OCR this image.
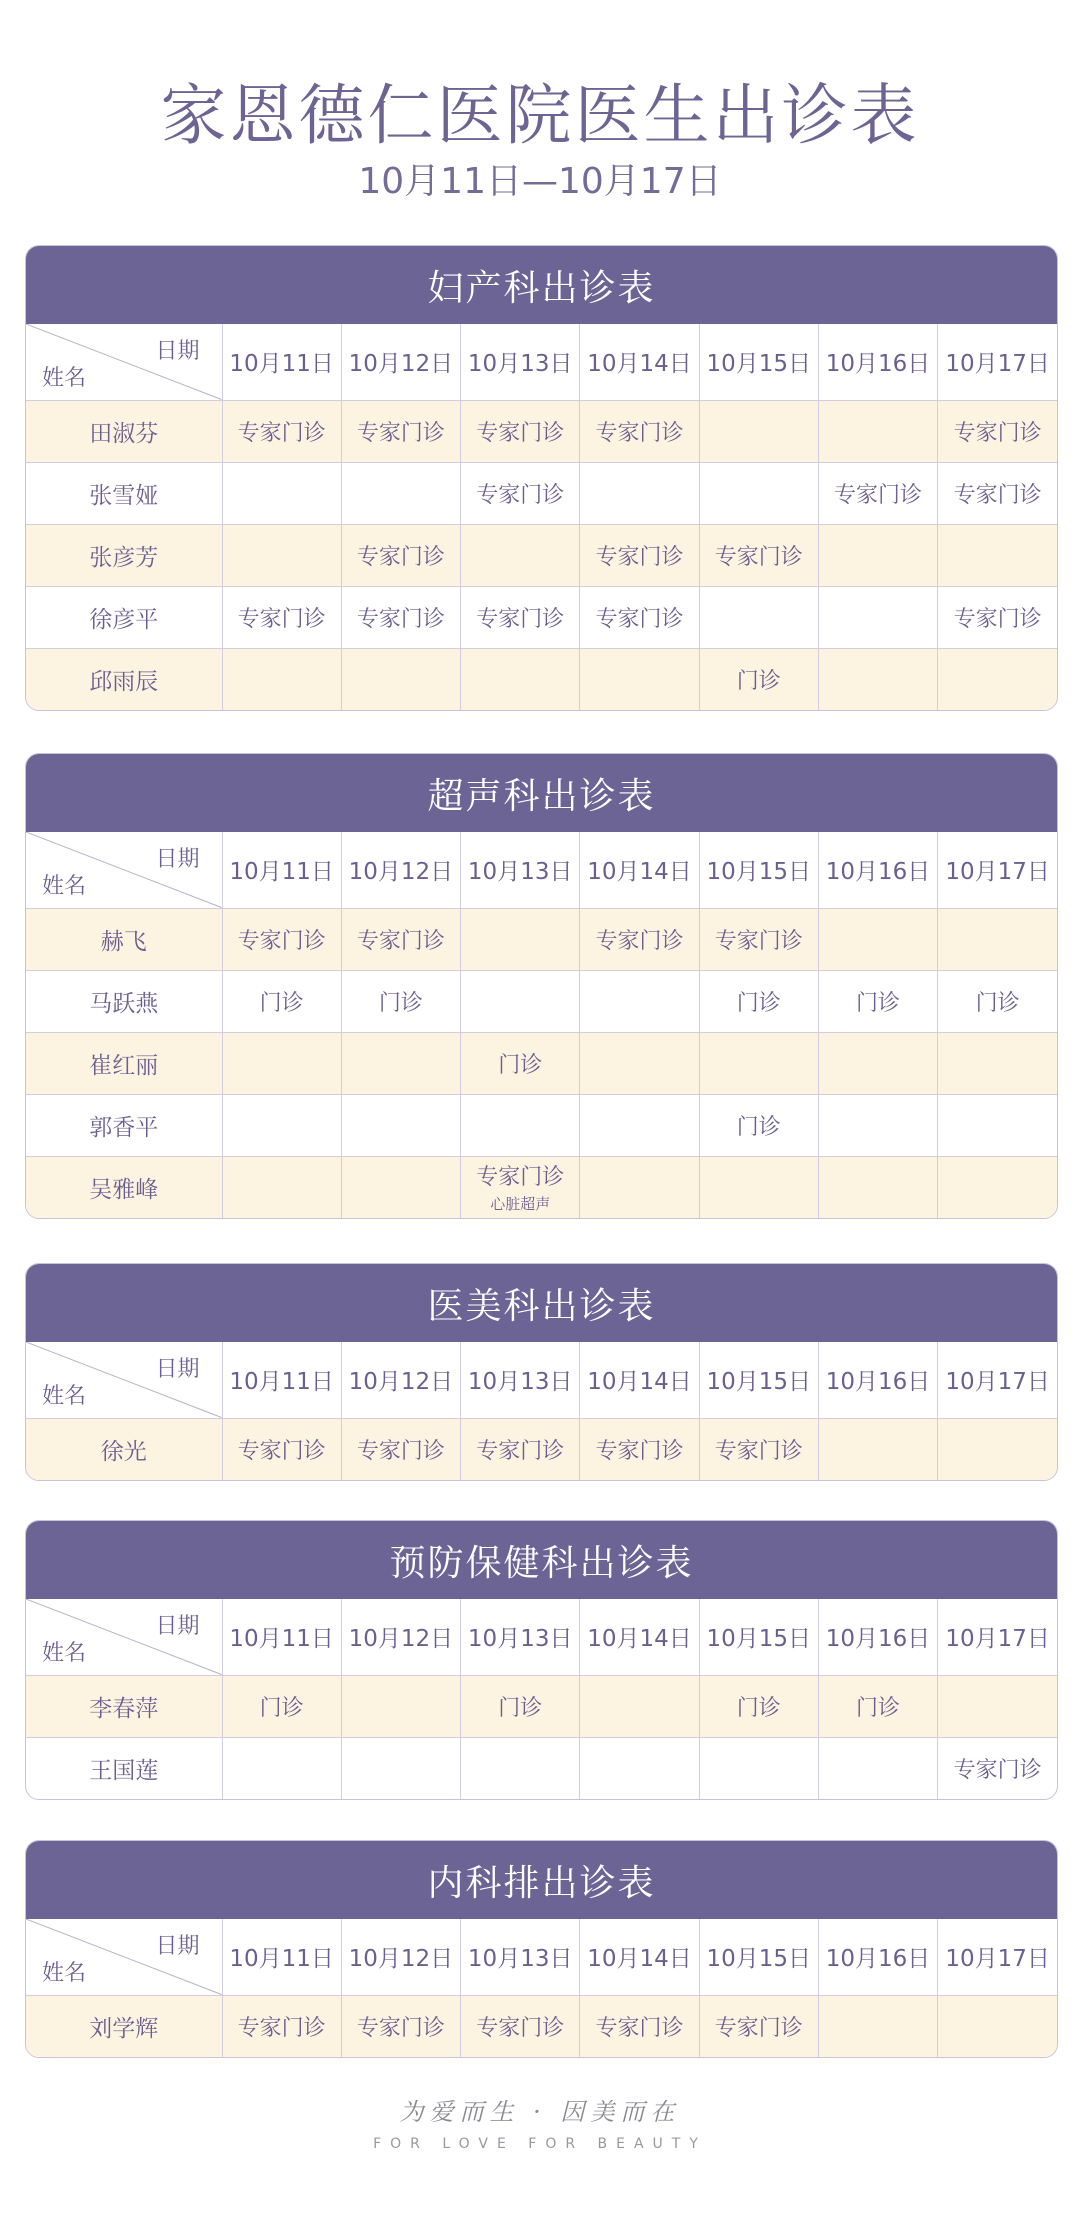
家恩德仁医院医生出诊表
10月11日—10月17日
妇产科出诊表
日期
姓名	10月11日	10月12日	10月13日	10月14日	10月15日	10月16日	10月17日
田淑芬	专家门诊	专家门诊	专家门诊	专家门诊			专家门诊
张雪娅			专家门诊			专家门诊	专家门诊
张彦芳		专家门诊		专家门诊	专家门诊		
徐彦平	专家门诊	专家门诊	专家门诊	专家门诊			专家门诊
邱雨辰					门诊		
超声科出诊表
日期
姓名	10月11日	10月12日	10月13日	10月14日	10月15日	10月16日	10月17日
赫飞	专家门诊	专家门诊		专家门诊	专家门诊		
马跃燕	门诊	门诊			门诊	门诊	门诊
崔红丽			门诊				
郭香平					门诊		
吴雅峰			专家门诊
心脏超声				

医美科出诊表
日期
姓名	10月11日	10月12日	10月13日	10月14日	10月15日	10月16日	10月17日
徐光	专家门诊	专家门诊	专家门诊	专家门诊	专家门诊		
预防保健科出诊表
日期
姓名	10月11日	10月12日	10月13日	10月14日	10月15日	10月16日	10月17日
李春萍	门诊		门诊		门诊	门诊	
王国莲							专家门诊
内科排出诊表
日期
姓名	10月11日	10月12日	10月13日	10月14日	10月15日	10月16日	10月17日
刘学辉	专家门诊	专家门诊	专家门诊	专家门诊	专家门诊		
为爱而生 · 因美而在
FOR LOVE FOR BEAUTY
